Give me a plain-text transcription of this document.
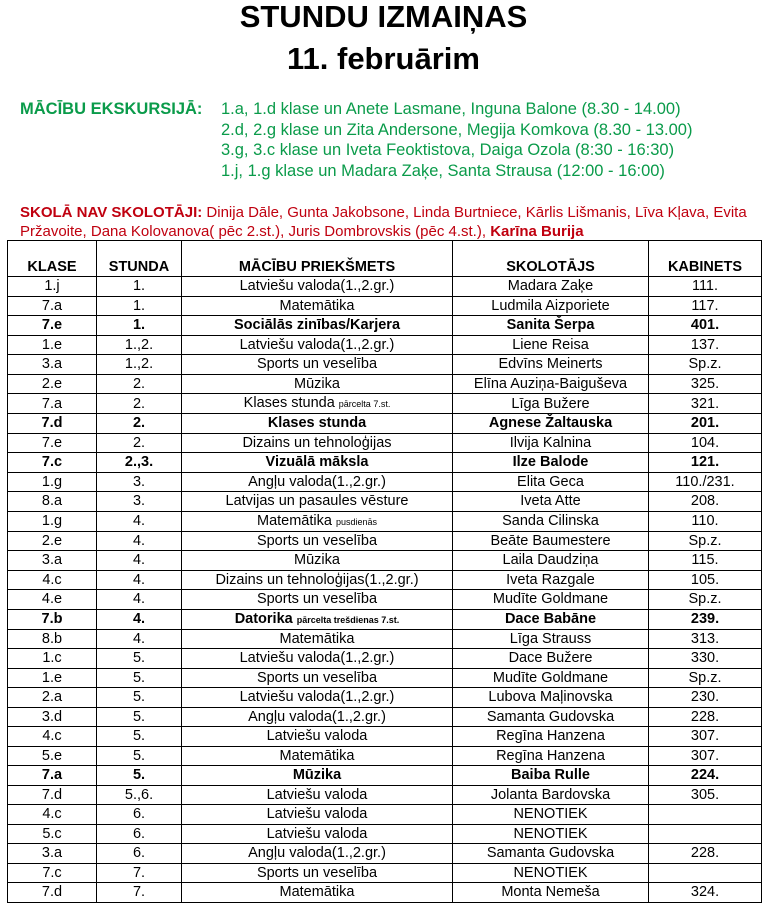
STUNDU IZMAIŅAS
11. februārim
MĀCĪBU EKSKURSIJĀ: 1.a, 1.d klase un Anete Lasmane, Inguna Balone (8.30 - 14.00)
2.d, 2.g klase un Zita Andersone, Megija Komkova (8.30 - 13.00)
3.g, 3.c klase un Iveta Feoktistova, Daiga Ozola (8:30 - 16:30)
1.j, 1.g klase un Madara Zaķe, Santa Strausa (12:00 - 16:00)
SKOLĀ NAV SKOLOTĀJI: Dinija Dāle, Gunta Jakobsone, Linda Burtniece, Kārlis Lišmanis, Līva Kļava, Evita Pržavoite, Dana Kolovanova( pēc 2.st.), Juris Dombrovskis (pēc 4.st.), Karīna Burija
KLASE	STUNDA	MĀCĪBU PRIEKŠMETS	SKOLOTĀJS	KABINETS
1.j	1.	Latviešu valoda(1.,2.gr.)	Madara Zaķe	111.
7.a	1.	Matemātika	Ludmila Aizporiete	117.
7.e	1.	Sociālās zinības/Karjera	Sanita Šerpa	401.
1.e	1.,2.	Latviešu valoda(1.,2.gr.)	Liene Reisa	137.
3.a	1.,2.	Sports un veselība	Edvīns Meinerts	Sp.z.
2.e	2.	Mūzika	Elīna Auziņa-Baiguševa	325.
7.a	2.	Klases stunda pārcelta 7.st.	Līga Bužere	321.
7.d	2.	Klases stunda	Agnese Žaltauska	201.
7.e	2.	Dizains un tehnoloģijas	Ilvija Kalnina	104.
7.c	2.,3.	Vizuālā māksla	Ilze Balode	121.
1.g	3.	Angļu valoda(1.,2.gr.)	Elita Geca	110./231.
8.a	3.	Latvijas un pasaules vēsture	Iveta Atte	208.
1.g	4.	Matemātika pusdienās	Sanda Cilinska	110.
2.e	4.	Sports un veselība	Beāte Baumestere	Sp.z.
3.a	4.	Mūzika	Laila Daudziņa	115.
4.c	4.	Dizains un tehnoloģijas(1.,2.gr.)	Iveta Razgale	105.
4.e	4.	Sports un veselība	Mudīte Goldmane	Sp.z.
7.b	4.	Datorika pārcelta trešdienas 7.st.	Dace Babāne	239.
8.b	4.	Matemātika	Līga Strauss	313.
1.c	5.	Latviešu valoda(1.,2.gr.)	Dace Bužere	330.
1.e	5.	Sports un veselība	Mudīte Goldmane	Sp.z.
2.a	5.	Latviešu valoda(1.,2.gr.)	Lubova Maļinovska	230.
3.d	5.	Angļu valoda(1.,2.gr.)	Samanta Gudovska	228.
4.c	5.	Latviešu valoda	Regīna Hanzena	307.
5.e	5.	Matemātika	Regīna Hanzena	307.
7.a	5.	Mūzika	Baiba Rulle	224.
7.d	5.,6.	Latviešu valoda	Jolanta Bardovska	305.
4.c	6.	Latviešu valoda	NENOTIEK	
5.c	6.	Latviešu valoda	NENOTIEK	
3.a	6.	Angļu valoda(1.,2.gr.)	Samanta Gudovska	228.
7.c	7.	Sports un veselība	NENOTIEK	
7.d	7.	Matemātika	Monta Nemeša	324.
